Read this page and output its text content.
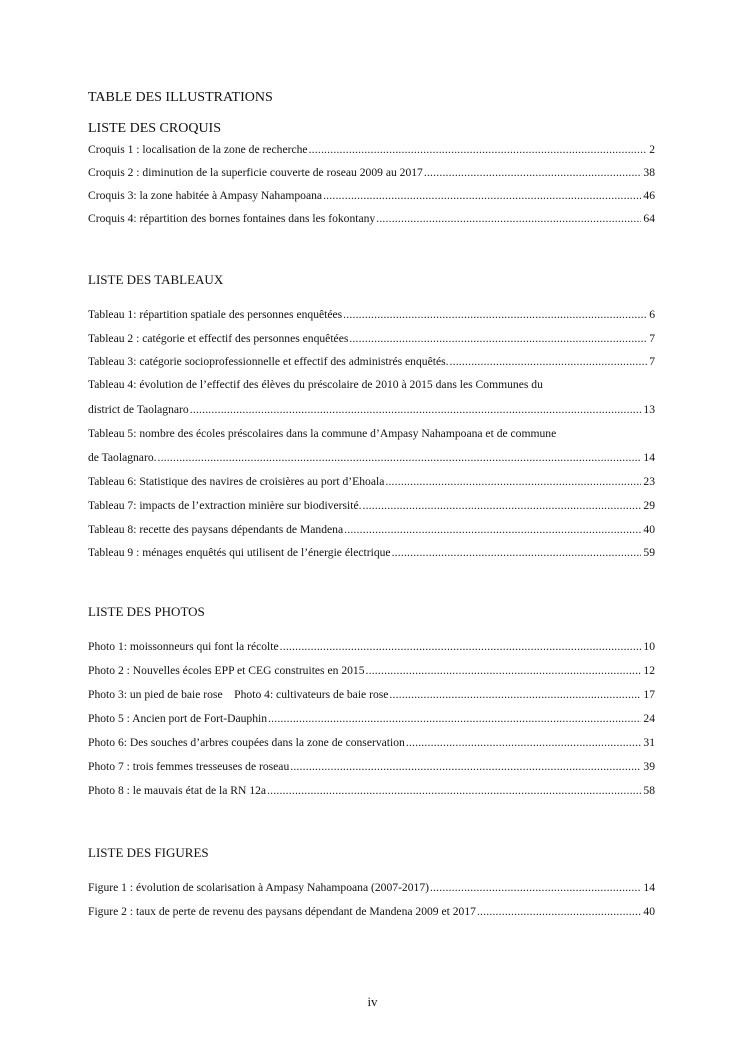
TABLE DES ILLUSTRATIONS
LISTE DES CROQUIS
Croquis 1 : localisation de la zone de recherche .....	2
Croquis 2 : diminution de la superficie couverte de roseau 2009 au 2017 .....	38
Croquis 3: la zone habitée à Ampasy Nahampoana .....	46
Croquis 4: répartition des bornes fontaines dans les fokontany .....	64
LISTE DES TABLEAUX
Tableau 1: répartition spatiale des personnes enquêtées .....	6
Tableau 2 : catégorie et effectif des personnes enquêtées .....	7
Tableau 3: catégorie socioprofessionnelle et effectif des administrés enquêtés. .....	7
Tableau 4: évolution de l’effectif des élèves du préscolaire de 2010 à 2015 dans les Communes du
district de Taolagnaro .....	13
Tableau 5: nombre des écoles préscolaires dans la commune d’Ampasy Nahampoana et de commune
de Taolagnaro. .....	14
Tableau 6: Statistique des navires de croisières au port d’Ehoala .....	23
Tableau 7: impacts de l’extraction minière sur biodiversité. .....	29
Tableau 8: recette des paysans dépendants de Mandena .....	40
Tableau 9 : ménages enquêtés qui utilisent de l’énergie électrique .....	59
LISTE DES PHOTOS
Photo 1: moissonneurs qui font la récolte .....	10
Photo 2 : Nouvelles écoles EPP et CEG construites en 2015 .....	12
Photo 3: un pied de baie rose    Photo 4: cultivateurs de baie rose .....	17
Photo 5 : Ancien port de Fort-Dauphin .....	24
Photo 6: Des souches d’arbres coupées dans la zone de conservation .....	31
Photo 7 : trois femmes tresseuses de roseau .....	39
Photo 8 : le mauvais état de la RN 12a .....	58
LISTE DES FIGURES
Figure 1 : évolution de scolarisation à Ampasy Nahampoana (2007-2017) .....	14
Figure 2 : taux de perte de revenu des paysans dépendant de Mandena 2009 et 2017 .....	40
iv
